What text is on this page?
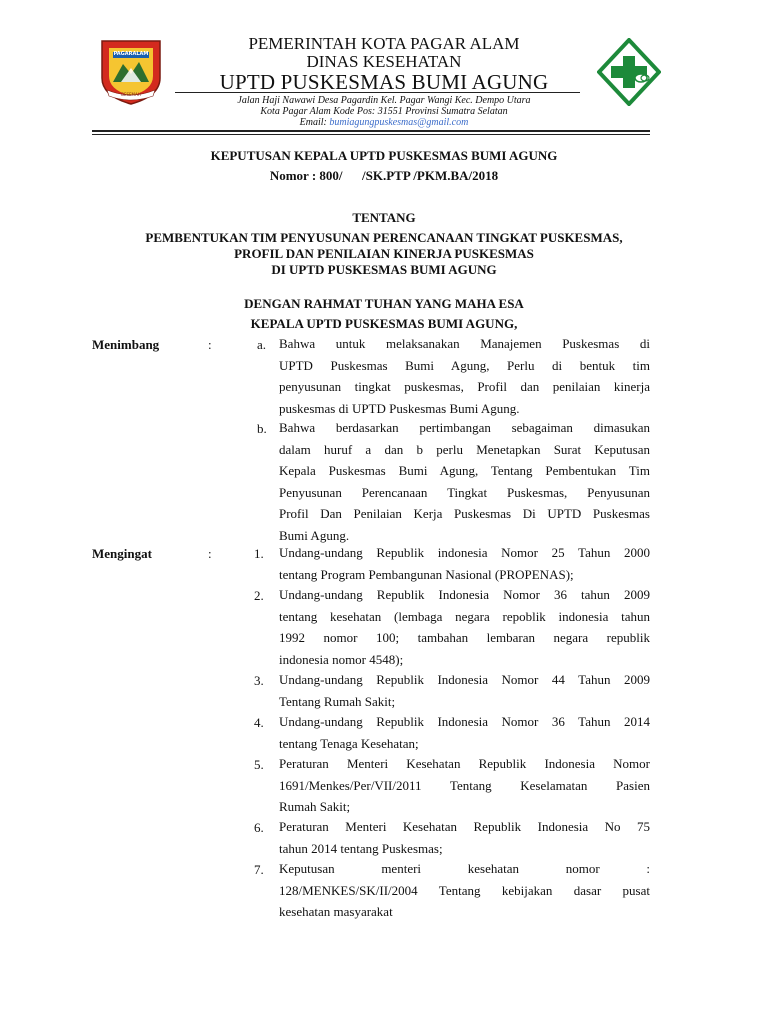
PAGARALAM
BESEMAH
PEMERINTAH KOTA PAGAR ALAM
DINAS KESEHATAN
UPTD PUSKESMAS BUMI AGUNG
Jalan Haji Nawawi Desa Pagardin Kel. Pagar Wangi Kec. Dempo Utara
Kota Pagar Alam Kode Pos: 31551 Provinsi Sumatra Selatan
Email: bumiagungpuskesmas@gmail.com
KEPUTUSAN KEPALA UPTD PUSKESMAS BUMI AGUNG
Nomor : 800/      /SK.PTP /PKM.BA/2018
TENTANG
PEMBENTUKAN TIM PENYUSUNAN PERENCANAAN TINGKAT PUSKESMAS,
PROFIL DAN PENILAIAN KINERJA PUSKESMAS
DI UPTD PUSKESMAS BUMI AGUNG
DENGAN RAHMAT TUHAN YANG MAHA ESA
KEPALA UPTD PUSKESMAS BUMI AGUNG,
Menimbang	:	a. Bahwa untuk melaksanakan Manajemen Puskesmas di
UPTD Puskesmas Bumi Agung, Perlu di bentuk tim
penyusunan tingkat puskesmas, Profil dan penilaian kinerja
puskesmas di UPTD Puskesmas Bumi Agung.
b. Bahwa berdasarkan pertimbangan sebagaiman dimasukan
dalam huruf a dan b perlu Menetapkan Surat Keputusan
Kepala Puskesmas Bumi Agung, Tentang Pembentukan Tim
Penyusunan Perencanaan Tingkat Puskesmas, Penyusunan
Profil Dan Penilaian Kerja Puskesmas Di UPTD Puskesmas
Bumi Agung.
Mengingat	:	1. Undang-undang Republik indonesia Nomor 25 Tahun 2000
tentang Program Pembangunan Nasional (PROPENAS);
2. Undang-undang Republik Indonesia Nomor 36 tahun 2009
tentang kesehatan (lembaga negara repoblik indonesia tahun
1992 nomor 100; tambahan lembaran negara republik
indonesia nomor 4548);
3. Undang-undang Republik Indonesia Nomor 44 Tahun 2009
Tentang Rumah Sakit;
4. Undang-undang Republik Indonesia Nomor 36 Tahun 2014
tentang Tenaga Kesehatan;
5. Peraturan Menteri Kesehatan Republik Indonesia Nomor
1691/Menkes/Per/VII/2011 Tentang Keselamatan Pasien
Rumah Sakit;
6. Peraturan Menteri Kesehatan Republik Indonesia No 75
tahun 2014 tentang Puskesmas;
7. Keputusan menteri kesehatan nomor :
128/MENKES/SK/II/2004 Tentang kebijakan dasar pusat
kesehatan masyarakat
